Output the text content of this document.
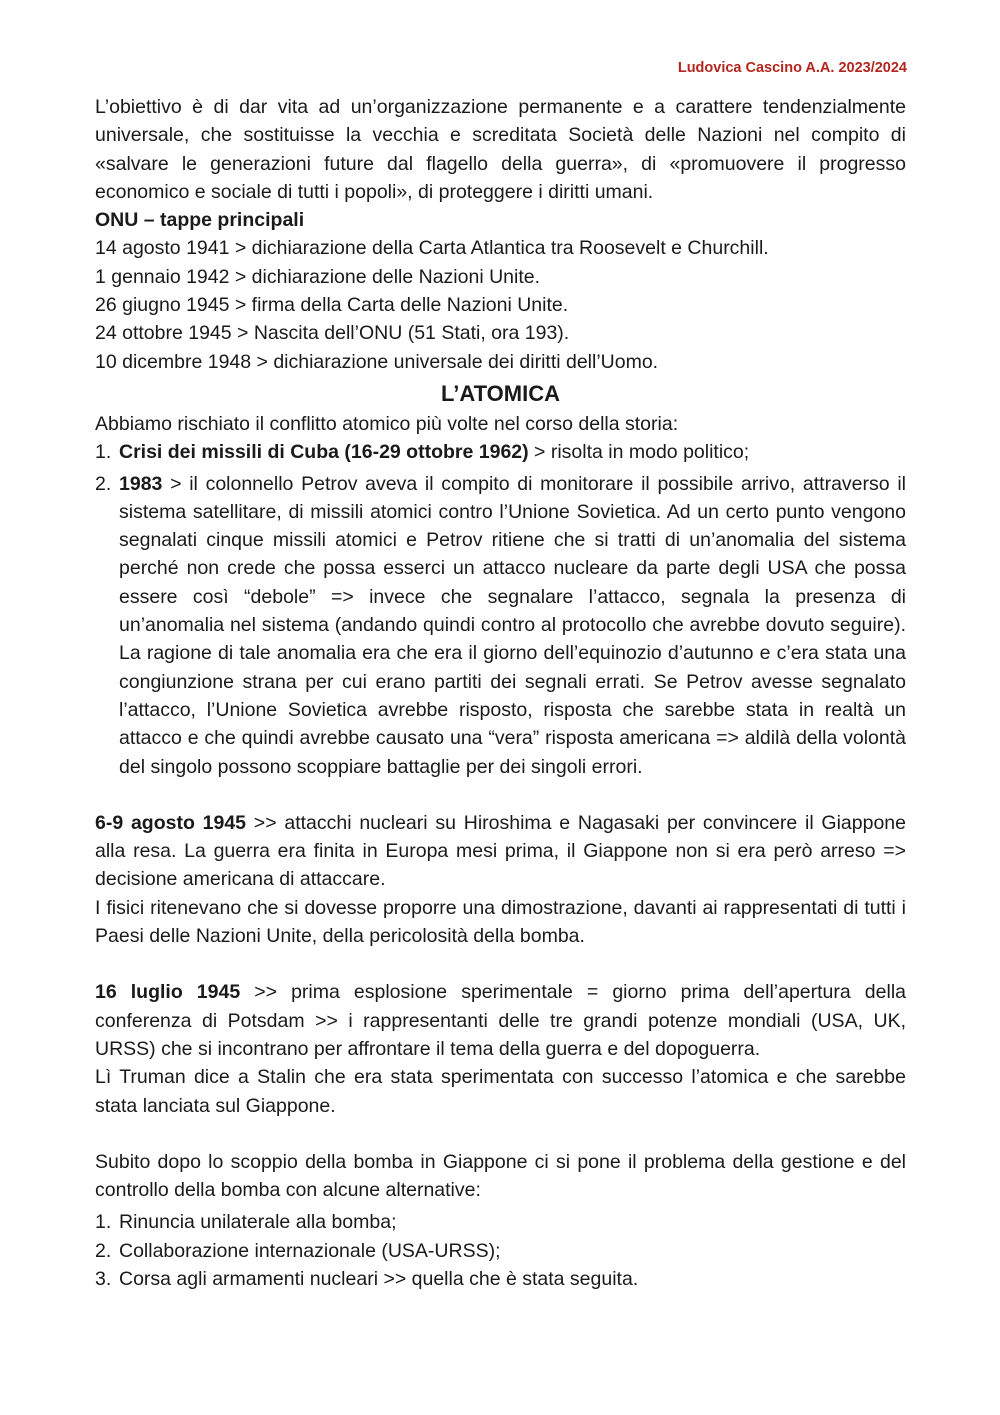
Ludovica Cascino A.A. 2023/2024

L’obiettivo è di dar vita ad un’organizzazione permanente e a carattere tendenzialmente universale, che sostituisse la vecchia e screditata Società delle Nazioni nel compito di «salvare le generazioni future dal flagello della guerra», di «promuovere il progresso economico e sociale di tutti i popoli», di proteggere i diritti umani.

ONU – tappe principali

14 agosto 1941 > dichiarazione della Carta Atlantica tra Roosevelt e Churchill.

1 gennaio 1942 > dichiarazione delle Nazioni Unite.

26 giugno 1945 > firma della Carta delle Nazioni Unite.

24 ottobre 1945 > Nascita dell’ONU (51 Stati, ora 193).

10 dicembre 1948 > dichiarazione universale dei diritti dell’Uomo.

L’ATOMICA

Abbiamo rischiato il conflitto atomico più volte nel corso della storia:

1. Crisi dei missili di Cuba (16-29 ottobre 1962) > risolta in modo politico;
2. 1983 > il colonnello Petrov aveva il compito di monitorare il possibile arrivo, attraverso il sistema satellitare, di missili atomici contro l’Unione Sovietica. Ad un certo punto vengono segnalati cinque missili atomici e Petrov ritiene che si tratti di un’anomalia del sistema perché non crede che possa esserci un attacco nucleare da parte degli USA che possa essere così “debole” => invece che segnalare l’attacco, segnala la presenza di un’anomalia nel sistema (andando quindi contro al protocollo che avrebbe dovuto seguire). La ragione di tale anomalia era che era il giorno dell’equinozio d’autunno e c’era stata una congiunzione strana per cui erano partiti dei segnali errati. Se Petrov avesse segnalato l’attacco, l’Unione Sovietica avrebbe risposto, risposta che sarebbe stata in realtà un attacco e che quindi avrebbe causato una “vera” risposta americana => aldilà della volontà del singolo possono scoppiare battaglie per dei singoli errori.

6-9 agosto 1945 >> attacchi nucleari su Hiroshima e Nagasaki per convincere il Giappone alla resa. La guerra era finita in Europa mesi prima, il Giappone non si era però arreso => decisione americana di attaccare.

I fisici ritenevano che si dovesse proporre una dimostrazione, davanti ai rappresentati di tutti i Paesi delle Nazioni Unite, della pericolosità della bomba.

16 luglio 1945 >> prima esplosione sperimentale = giorno prima dell’apertura della conferenza di Potsdam >> i rappresentanti delle tre grandi potenze mondiali (USA, UK, URSS) che si incontrano per affrontare il tema della guerra e del dopoguerra.

Lì Truman dice a Stalin che era stata sperimentata con successo l’atomica e che sarebbe stata lanciata sul Giappone.

Subito dopo lo scoppio della bomba in Giappone ci si pone il problema della gestione e del controllo della bomba con alcune alternative:

1. Rinuncia unilaterale alla bomba;
2. Collaborazione internazionale (USA-URSS);
3. Corsa agli armamenti nucleari >> quella che è stata seguita.
